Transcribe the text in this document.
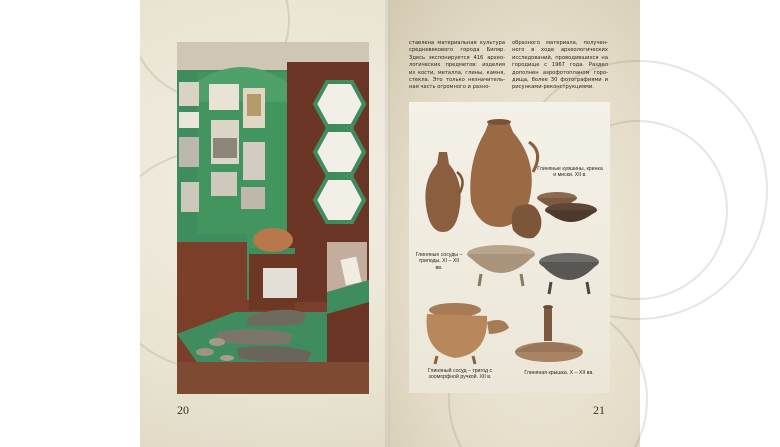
20
ставлена материальная культура средневекового города Биляр. Здесь экспонируется 416 архео-логических предметов: изделия из кости, металла, глины, камня, стекла. Это только незначитель-ная часть огромного и разно-
образного материала, получен-ного в ходе археологических исследований, проводившихся на городище с 1967 года. Раздел дополнен аэрофотопланом горо-дища, более 30 фотографиями и рисунками-реконструкциями.
Глиняные кувшины, кринка и миски. XII в.
Глиняные сосуды – триподы. XI – XII вв.
Глиняный сосуд – тригод с зооморфной ручкой. XII в.
Глиняная крышка. X – XII вв.
21
